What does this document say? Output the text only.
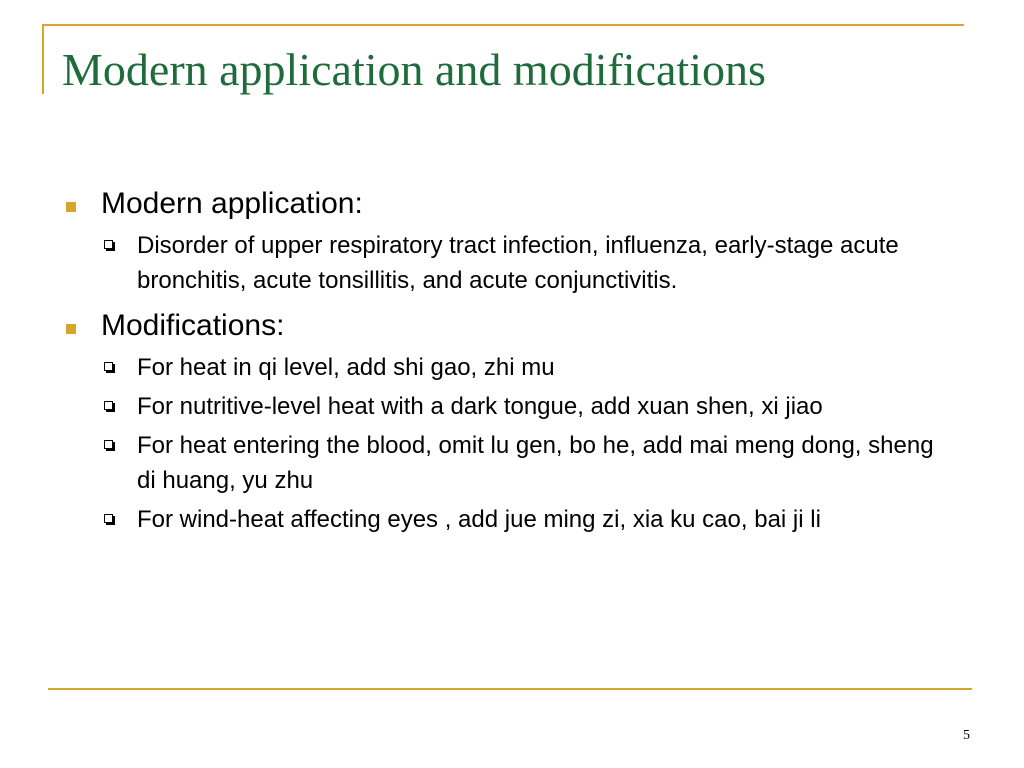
Modern application and modifications
Modern application:
Disorder of upper respiratory tract infection, influenza, early-stage acute bronchitis, acute tonsillitis, and acute conjunctivitis.
Modifications:
For heat in qi level, add shi gao, zhi mu
For nutritive-level heat with a dark tongue, add xuan shen, xi jiao
For heat entering the blood, omit lu gen, bo he, add mai meng dong, sheng di huang, yu zhu
For wind-heat affecting eyes , add jue ming zi, xia ku cao, bai ji li
5
